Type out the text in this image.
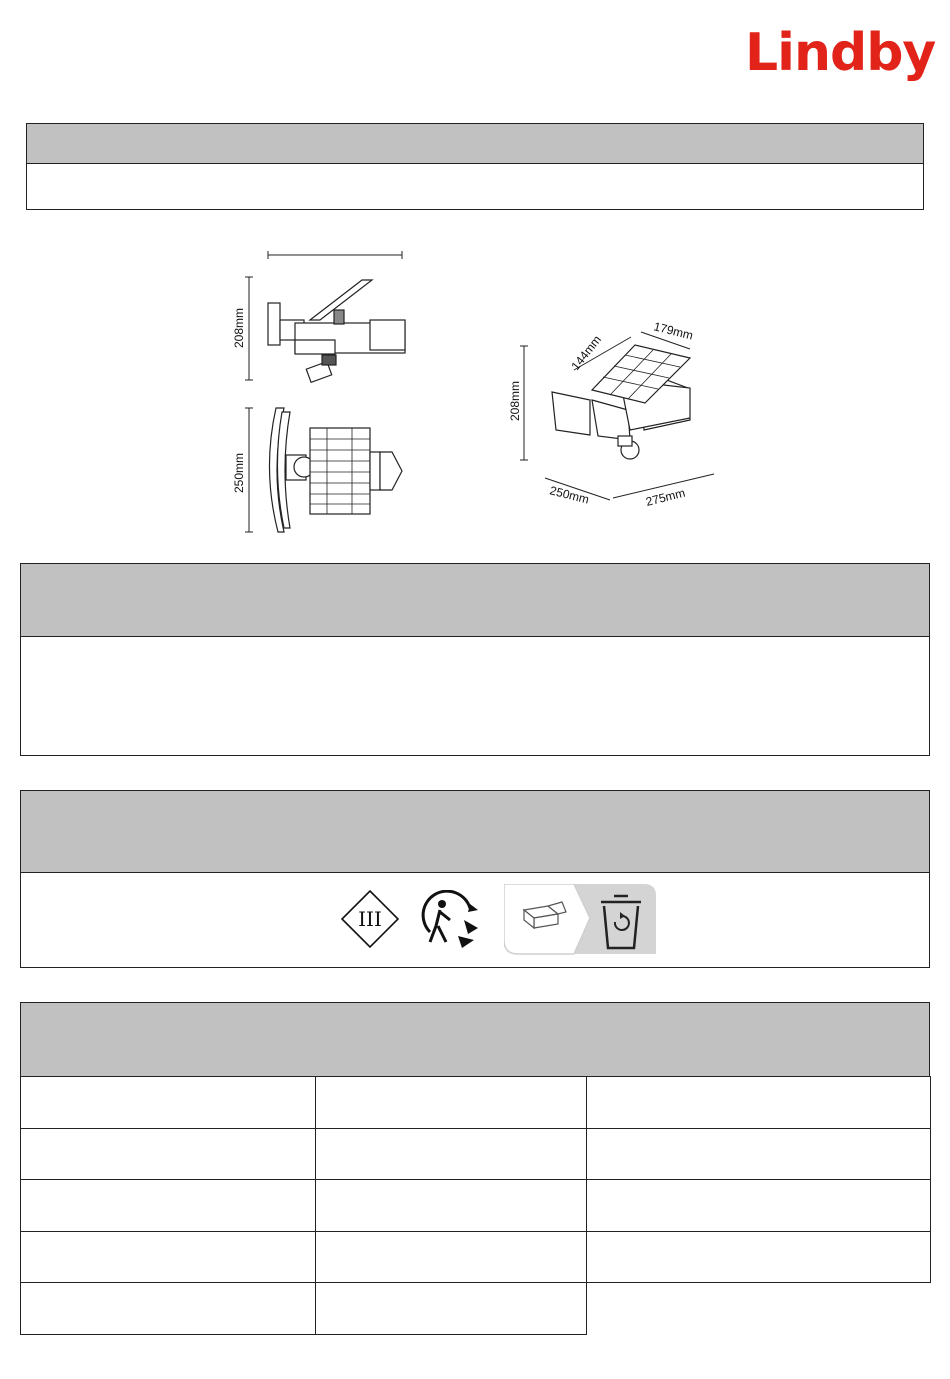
Lindby
208mm
250mm
208mm
144mm
179mm
250mm	275mm
III
